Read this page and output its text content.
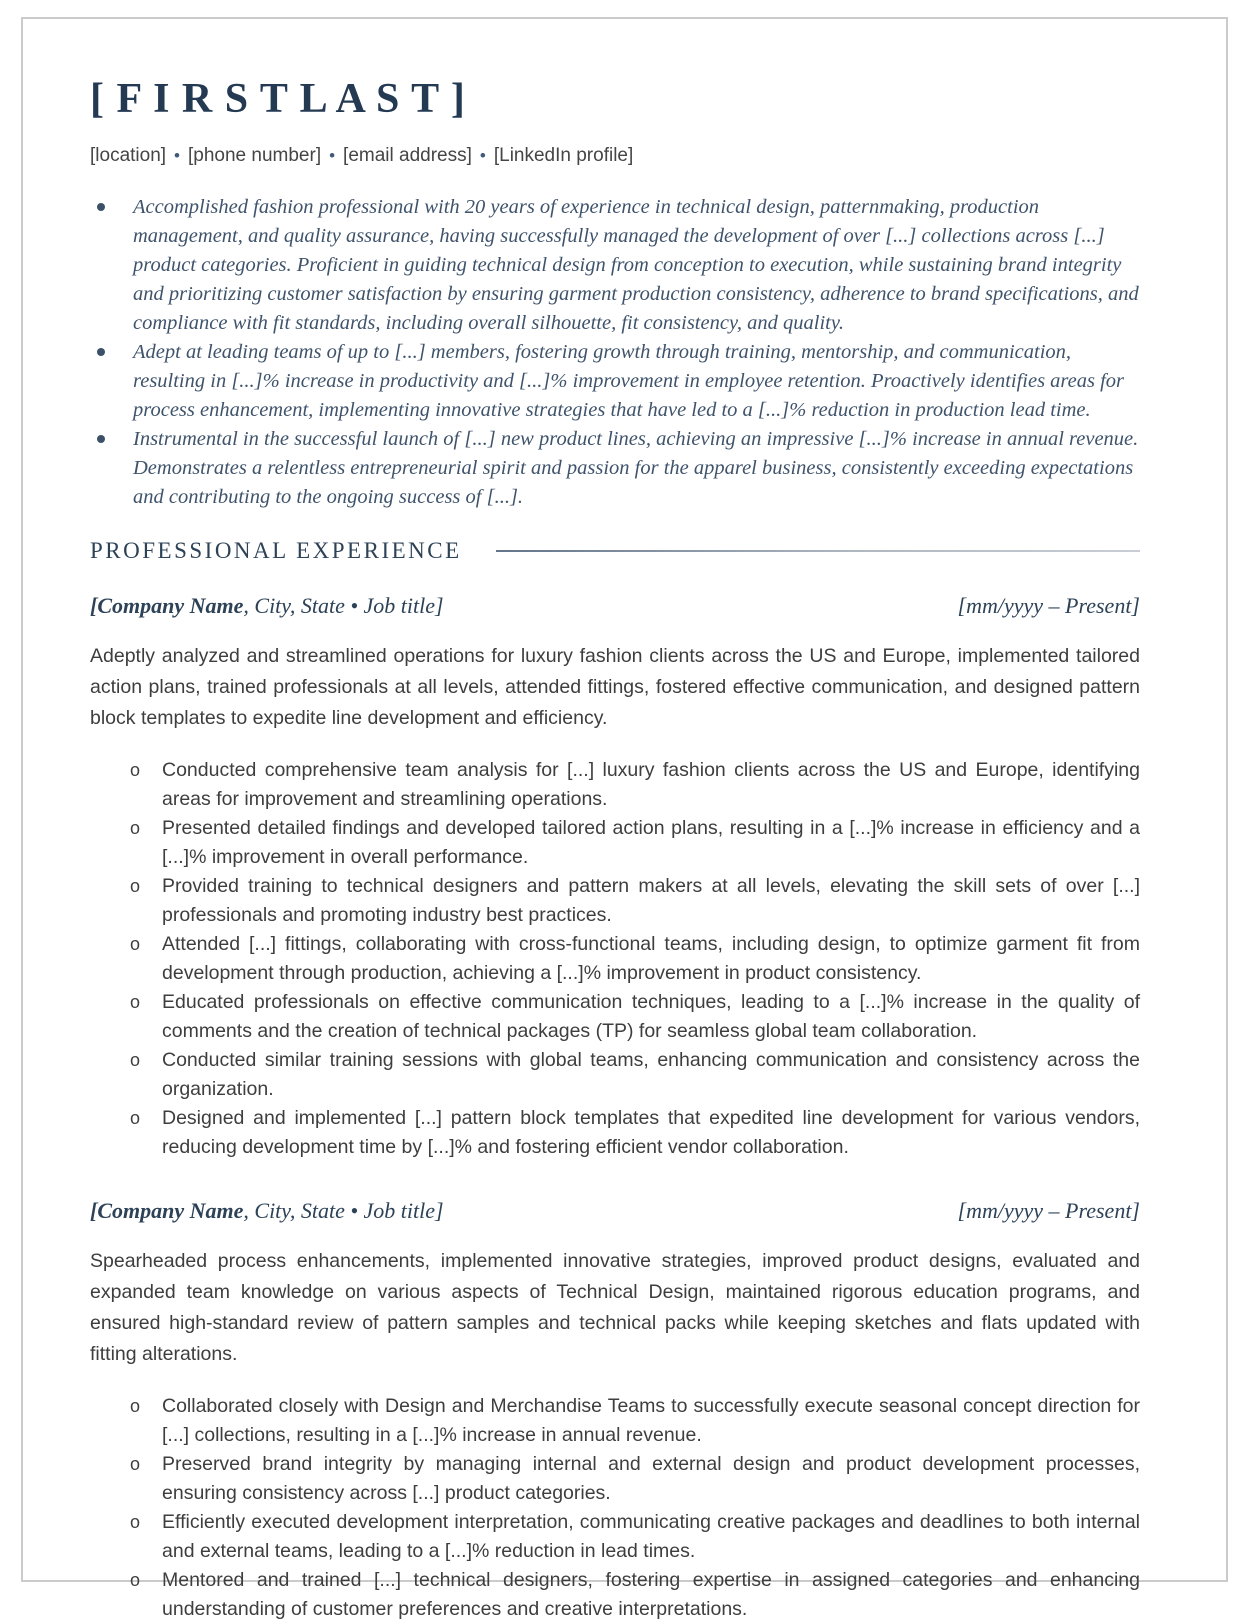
[ F I R S T L A S T ]
[location] • [phone number] • [email address] • [LinkedIn profile]
Accomplished fashion professional with 20 years of experience in technical design, patternmaking, production management, and quality assurance, having successfully managed the development of over [...] collections across [...] product categories. Proficient in guiding technical design from conception to execution, while sustaining brand integrity and prioritizing customer satisfaction by ensuring garment production consistency, adherence to brand specifications, and compliance with fit standards, including overall silhouette, fit consistency, and quality.
Adept at leading teams of up to [...] members, fostering growth through training, mentorship, and communication, resulting in [...]% increase in productivity and [...]% improvement in employee retention. Proactively identifies areas for process enhancement, implementing innovative strategies that have led to a [...]% reduction in production lead time.
Instrumental in the successful launch of [...] new product lines, achieving an impressive [...]% increase in annual revenue. Demonstrates a relentless entrepreneurial spirit and passion for the apparel business, consistently exceeding expectations and contributing to the ongoing success of [...].
PROFESSIONAL EXPERIENCE
[Company Name, City, State • Job title]	[mm/yyyy – Present]
Adeptly analyzed and streamlined operations for luxury fashion clients across the US and Europe, implemented tailored action plans, trained professionals at all levels, attended fittings, fostered effective communication, and designed pattern block templates to expedite line development and efficiency.
o	Conducted comprehensive team analysis for [...] luxury fashion clients across the US and Europe, identifying areas for improvement and streamlining operations.
o	Presented detailed findings and developed tailored action plans, resulting in a [...]% increase in efficiency and a [...]% improvement in overall performance.
o	Provided training to technical designers and pattern makers at all levels, elevating the skill sets of over [...] professionals and promoting industry best practices.
o	Attended [...] fittings, collaborating with cross-functional teams, including design, to optimize garment fit from development through production, achieving a [...]% improvement in product consistency.
o	Educated professionals on effective communication techniques, leading to a [...]% increase in the quality of comments and the creation of technical packages (TP) for seamless global team collaboration.
o	Conducted similar training sessions with global teams, enhancing communication and consistency across the organization.
o	Designed and implemented [...] pattern block templates that expedited line development for various vendors, reducing development time by [...]% and fostering efficient vendor collaboration.
[Company Name, City, State • Job title]	[mm/yyyy – Present]
Spearheaded process enhancements, implemented innovative strategies, improved product designs, evaluated and expanded team knowledge on various aspects of Technical Design, maintained rigorous education programs, and ensured high-standard review of pattern samples and technical packs while keeping sketches and flats updated with fitting alterations.
o	Collaborated closely with Design and Merchandise Teams to successfully execute seasonal concept direction for [...] collections, resulting in a [...]% increase in annual revenue.
o	Preserved brand integrity by managing internal and external design and product development processes, ensuring consistency across [...] product categories.
o	Efficiently executed development interpretation, communicating creative packages and deadlines to both internal and external teams, leading to a [...]% reduction in lead times.
o	Mentored and trained [...] technical designers, fostering expertise in assigned categories and enhancing understanding of customer preferences and creative interpretations.
